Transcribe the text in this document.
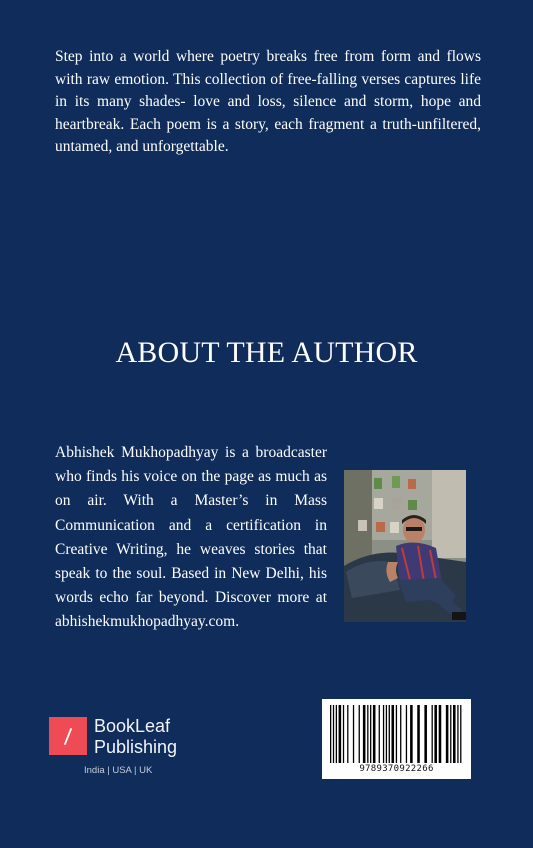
Step into a world where poetry breaks free from form and flows with raw emotion. This collection of free-falling verses captures life in its many shades- love and loss, silence and storm, hope and heartbreak. Each poem is a story, each fragment a truth-unfiltered, untamed, and unforgettable.

ABOUT THE AUTHOR

Abhishek Mukhopadhyay is a broadcaster who finds his voice on the page as much as on air. With a Master’s in Mass Communication and a certification in Creative Writing, he weaves stories that speak to the soul. Based in New Delhi, his words echo far beyond. Discover more at abhishekmukhopadhyay.com.

BookLeaf
Publishing
India | USA | UK	9789370922266
